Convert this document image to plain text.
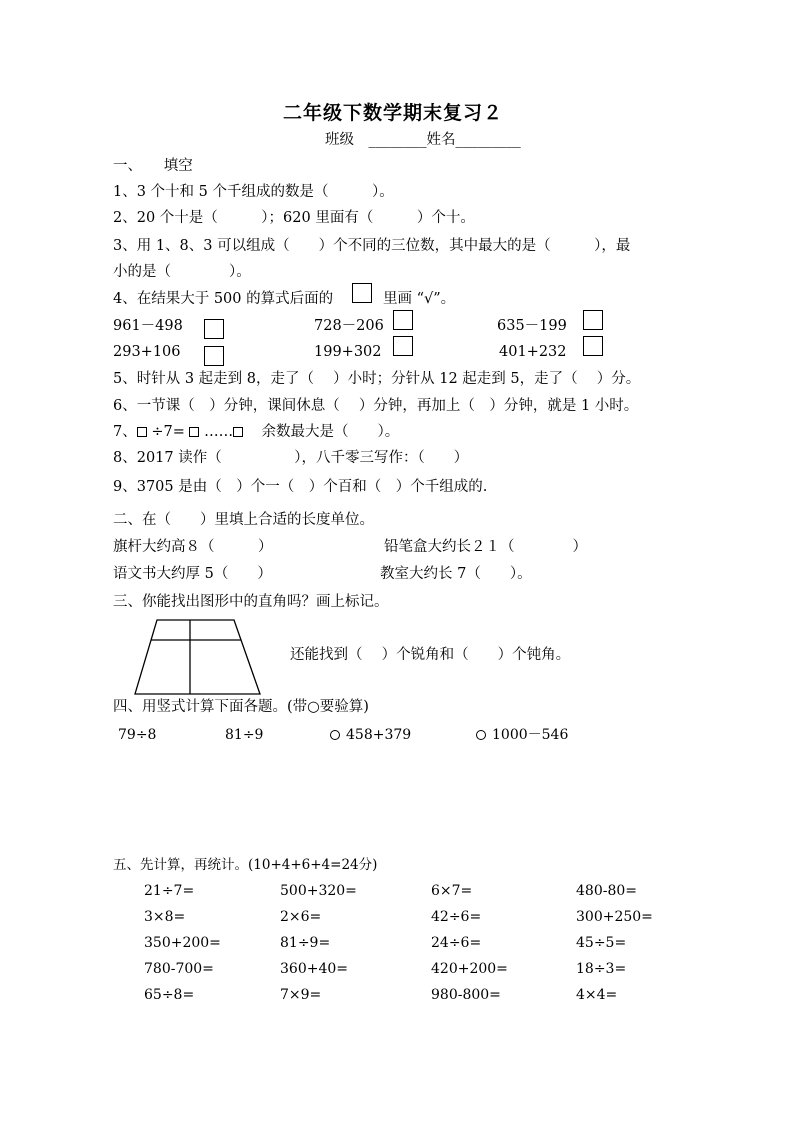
二年级下数学期末复习２
班级　________姓名_________
一、　　填空
1、3 个十和 5 个千组成的数是（　　　）。
2、20 个十是（　　　）；620 里面有（　　　）个十。
3、用 1、8、3 可以组成（　　）个不同的三位数，其中最大的是（　　　），最
小的是（　　　　）。
4、在结果大于 500 的算式后面的	里画 “√”。
961－498	728－206	635－199
293+106	199+302	401+232
5、时针从 3 起走到 8，走了（　 ）小时；分针从 12 起走到 5，走了（　 ）分。
6、一节课（　）分钟，课间休息（　 ）分钟，再加上（　）分钟，就是 1 小时。
7、 ÷7= …… 余数最大是（　　）。
8、2017 读作（　　　　　），八千零三写作：（　　）
9、3705 是由（　）个一（　）个百和（　）个千组成的.
二、在（　　）里填上合适的长度单位。
旗杆大约高８（　　　）	铅笔盒大约长２１（　　　　）
语文书大约厚 5（　　）	教室大约长 7（　　）。
三、你能找出图形中的直角吗？画上标记。
还能找到（　 ）个锐角和（　　）个钝角。
四、用竖式计算下面各题。(带○要验算)
79÷8	81÷9	458+379	1000－546
五、先计算，再统计。(10+4+6+4=24分)
21÷7=	500+320=	6×7=	480-80=
3×8=	2×6=	42÷6=	300+250=
350+200=	81÷9=	24÷6=	45÷5=
780-700=	360+40=	420+200=	18÷3=
65÷8=	7×9=	980-800=	4×4=
